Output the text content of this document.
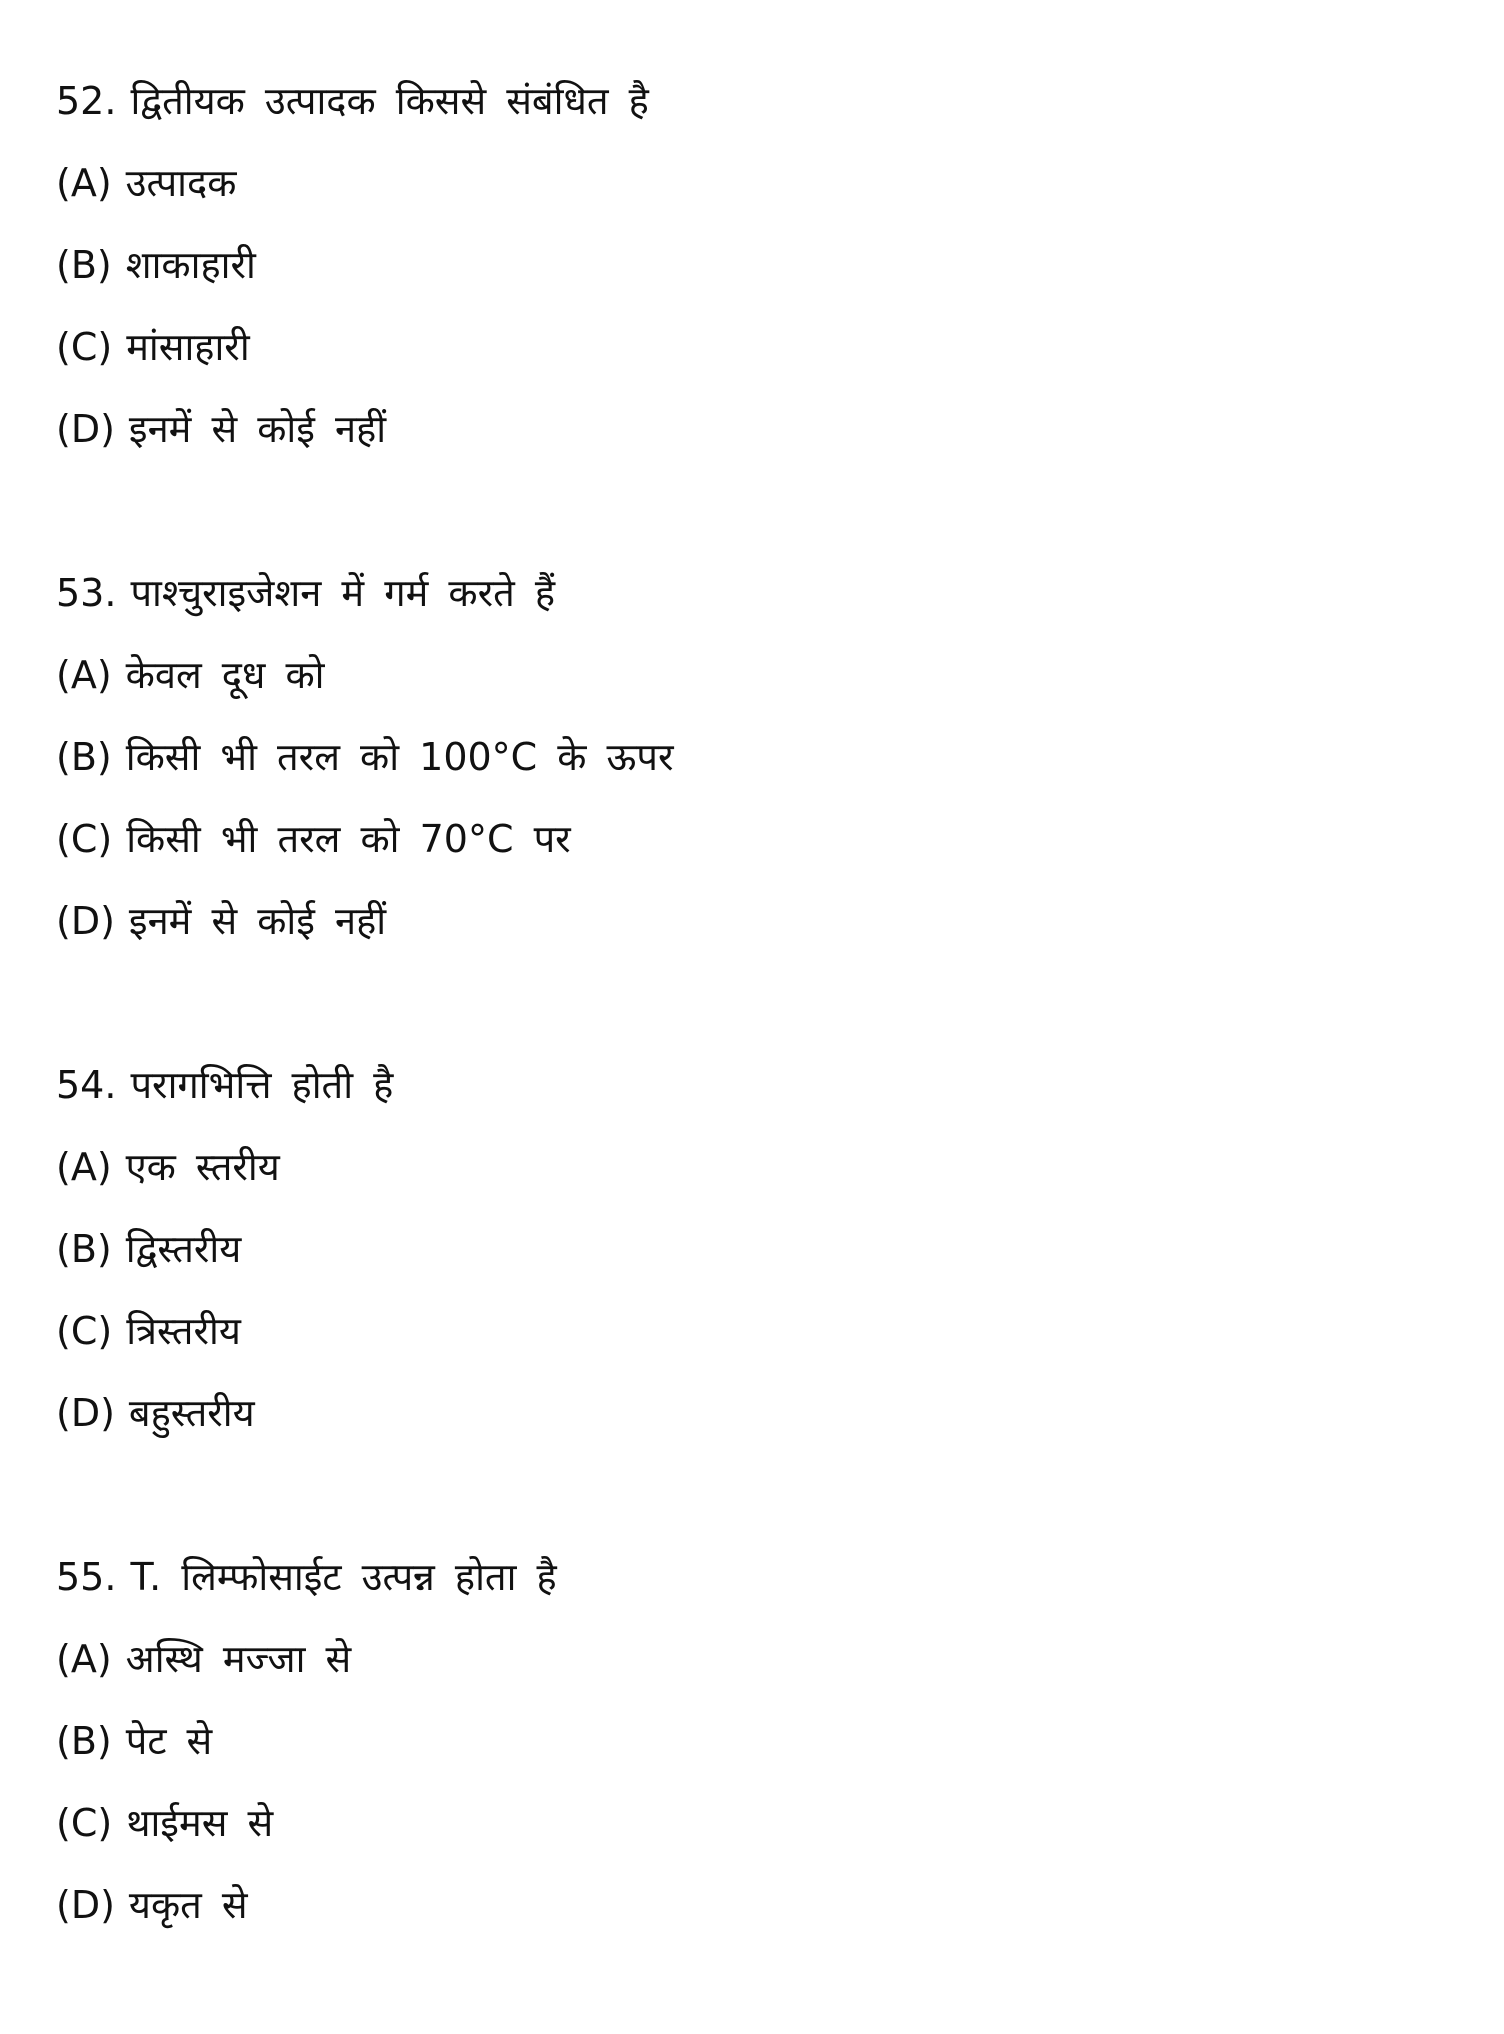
52. द्वितीयक उत्पादक किससे संबंधित है
(A) उत्पादक
(B) शाकाहारी
(C) मांसाहारी
(D) इनमें से कोई नहीं
53. पाश्चुराइजेशन में गर्म करते हैं
(A) केवल दूध को
(B) किसी भी तरल को 100°C के ऊपर
(C) किसी भी तरल को 70°C पर
(D) इनमें से कोई नहीं
54. परागभित्ति होती है
(A) एक स्तरीय
(B) द्विस्तरीय
(C) त्रिस्तरीय
(D) बहुस्तरीय
55. T. लिम्फोसाईट उत्पन्न होता है
(A) अस्थि मज्जा से
(B) पेट से
(C) थाईमस से
(D) यकृत से
